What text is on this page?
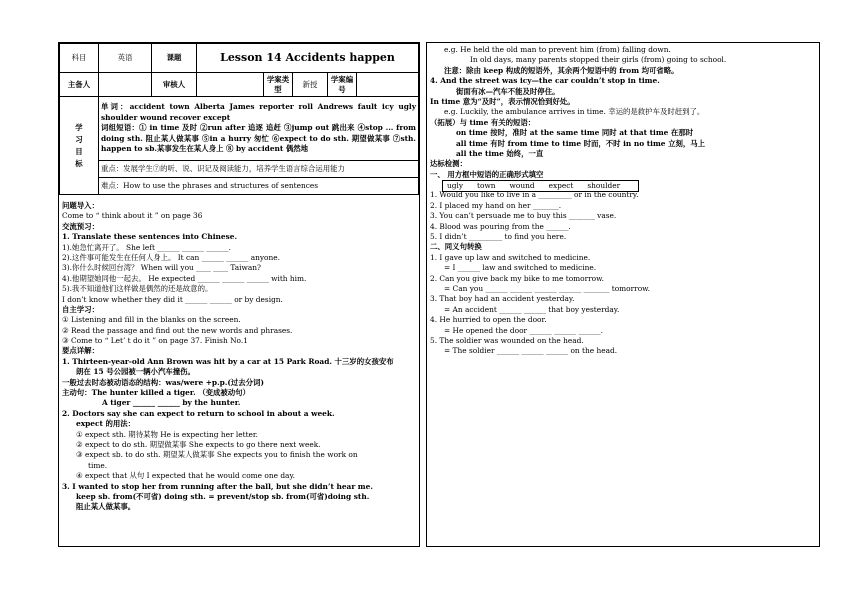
科目	英语	课题	Lesson 14 Accidents happen				
主备人		审核人		学案类型	新授	学案编号	

学习目标	单词：accident town Alberta James reporter roll Andrews fault icy ugly shoulder wound recover except
词组短语：① in time 及时 ②run after 追逐 追赶 ③jump out 跳出来 ④stop ... from doing sth. 阻止某人做某事 ⑤in a hurry 匆忙 ⑥expect to do sth. 期望做某事 ⑦sth. happen to sb.某事发生在某人身上 ⑧ by accident 偶然地						

	重点：发展学生⑦的听、说、识记及阅读能力，培养学生语言综合运用能力						
	难点：How to use the phrases and structures of sentences						
问题导入：
Come to “ think about it ” on page 36
交流预习：
1. Translate these sentences into Chinese.
1).她急忙离开了。 She left ______ ______ ______.
2).这件事可能发生在任何人身上。 It can ______ ______ anyone.
3).你什么时候回台湾？ When will you ____ ____ Taiwan?
4).他期望她同他一起去。 He expected ______ ______ ______ with him.
5).我不知道他们这样做是偶然的还是故意的。
I don’t know whether they did it ______ ______ or by design.
自主学习：
① Listening and fill in the blanks on the screen.
② Read the passage and find out the new words and phrases.
③ Come to “ Let’ t do it ” on page 37. Finish No.1
要点详解：
1. Thirteen-year-old Ann Brown was hit by a car at 15 Park Road. 十三岁的女孩安布
朗在 15 号公园被一辆小汽车撞伤。
一般过去时态被动语态的结构：was/were +p.p.(过去分词)
主动句：The hunter killed a tiger. （变成被动句）
A tiger ______ ______ by the hunter.
2. Doctors say she can expect to return to school in about a week.
expect 的用法：
① expect sth. 期待某物 He is expecting her letter.
② expect to do sth. 期望做某事 She expects to go there next week.
③ expect sb. to do sth. 期望某人做某事 She expects you to finish the work on
time.
④ expect that 从句 I expected that he would come one day.
3. I wanted to stop her from running after the ball, but she didn’t hear me.
keep sb. from(不可省) doing sth. = prevent/stop sb. from(可省)doing sth.
阻止某人做某事。
e.g. He held the old man to prevent him (from) falling down.
In old days, many parents stopped their girls (from) going to school.
注意：除由 keep 构成的短语外，其余两个短语中的 from 均可省略。
4. And the street was icy—the car couldn’t stop in time.
街面有冰—汽车不能及时停住。
In time 意为“及时”，表示情况恰到好处。
e.g. Luckily, the ambulance arrives in time. 幸运的是救护车及时赶到了。
（拓展）与 time 有关的短语：
on time 按时，准时 at the same time 同时 at that time 在那时
all time 有时 from time to time 时而，不时 in no time 立刻，马上
all the time 始终，一直
达标检测：
一、 用方框中短语的正确形式填空
ugly town wound expect shoulder
1. Would you like to live in a _________ or in the country.
2. I placed my hand on her _______.
3. You can’t persuade me to buy this _______ vase.
4. Blood was pouring from the ______.
5. I didn’t _________ to find you here.
二、同义句转换
1. I gave up law and switched to medicine.
= I ______ law and switched to medicine.
2. Can you give back my bike to me tomorrow.
= Can you ______ ______ ______ ______ _______ tomorrow.
3. That boy had an accident yesterday.
= An accident ______ ______ that boy yesterday.
4. He hurried to open the door.
= He opened the door ______ ______ ______.
5. The soldier was wounded on the head.
= The soldier ______ ______ ______ on the head.
